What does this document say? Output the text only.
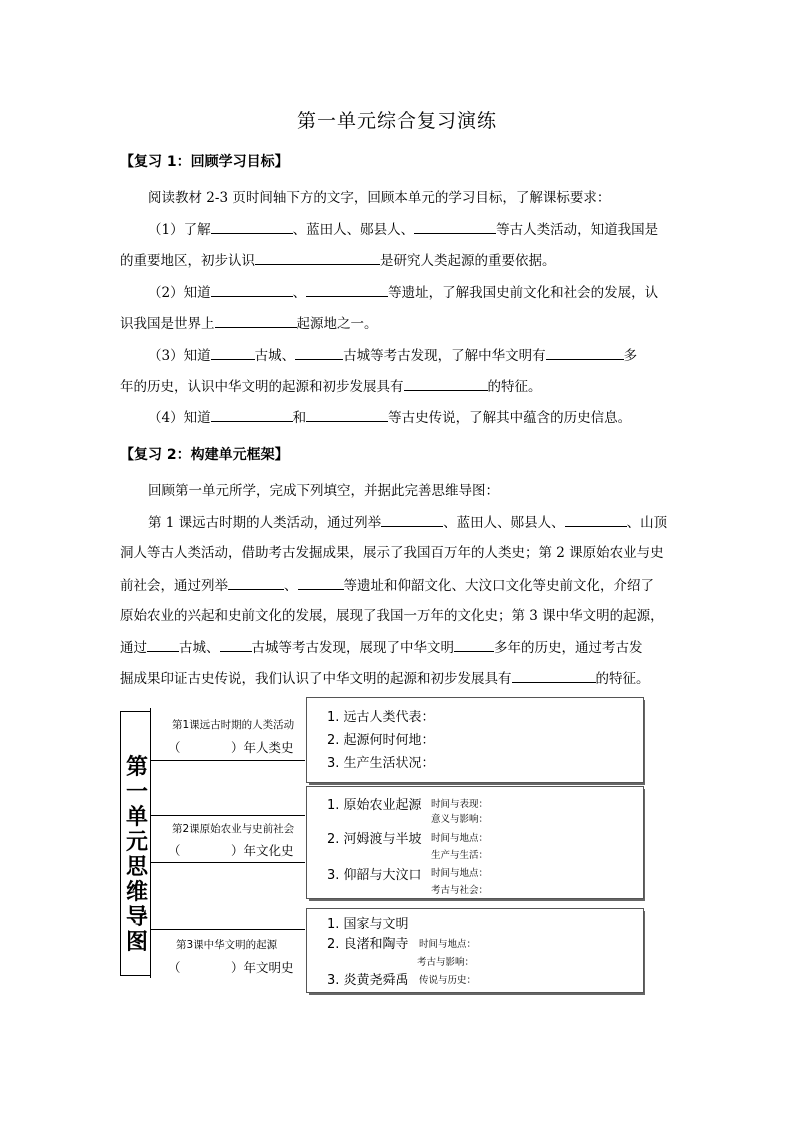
第一单元综合复习演练
【复习 1：回顾学习目标】
阅读教材 2-3 页时间轴下方的文字，回顾本单元的学习目标，了解课标要求：
（1）了解	、蓝田人、郧县人、	等古人类活动，知道我国是
的重要地区，初步认识	是研究人类起源的重要依据。
（2）知道	、	等遗址，了解我国史前文化和社会的发展，认
识我国是世界上	起源地之一。
（3）知道	古城、	古城等考古发现，了解中华文明有	多
年的历史，认识中华文明的起源和初步发展具有	的特征。
（4）知道	和	等古史传说，了解其中蕴含的历史信息。
【复习 2：构建单元框架】
回顾第一单元所学，完成下列填空，并据此完善思维导图：
第 1 课远古时期的人类活动，通过列举	、蓝田人、郧县人、	、山顶
洞人等古人类活动，借助考古发掘成果，展示了我国百万年的人类史；第 2 课原始农业与史
前社会，通过列举	、	等遗址和仰韶文化、大汶口文化等史前文化，介绍了
原始农业的兴起和史前文化的发展，展现了我国一万年的文化史；第 3 课中华文明的起源，
通过 古城、 古城等考古发现，展现了中华文明	多年的历史，通过考古发
掘成果印证古史传说，我们认识了中华文明的起源和初步发展具有	的特征。
第
一
单
元
思
维
导
图
第1课远古时期的人类活动
（	）年人类史
第2课原始农业与史前社会
（	）年文化史
第3课中华文明的起源
（	）年文明史
1. 远古人类代表：
2. 起源何时何地：
3. 生产生活状况：
1. 原始农业起源 时间与表现：
意义与影响：
2. 河姆渡与半坡 时间与地点：
生产与生活：
3. 仰韶与大汶口 时间与地点：
考古与社会：
1. 国家与文明
2. 良渚和陶寺 时间与地点：
考古与影响：
3. 炎黄尧舜禹 传说与历史：
